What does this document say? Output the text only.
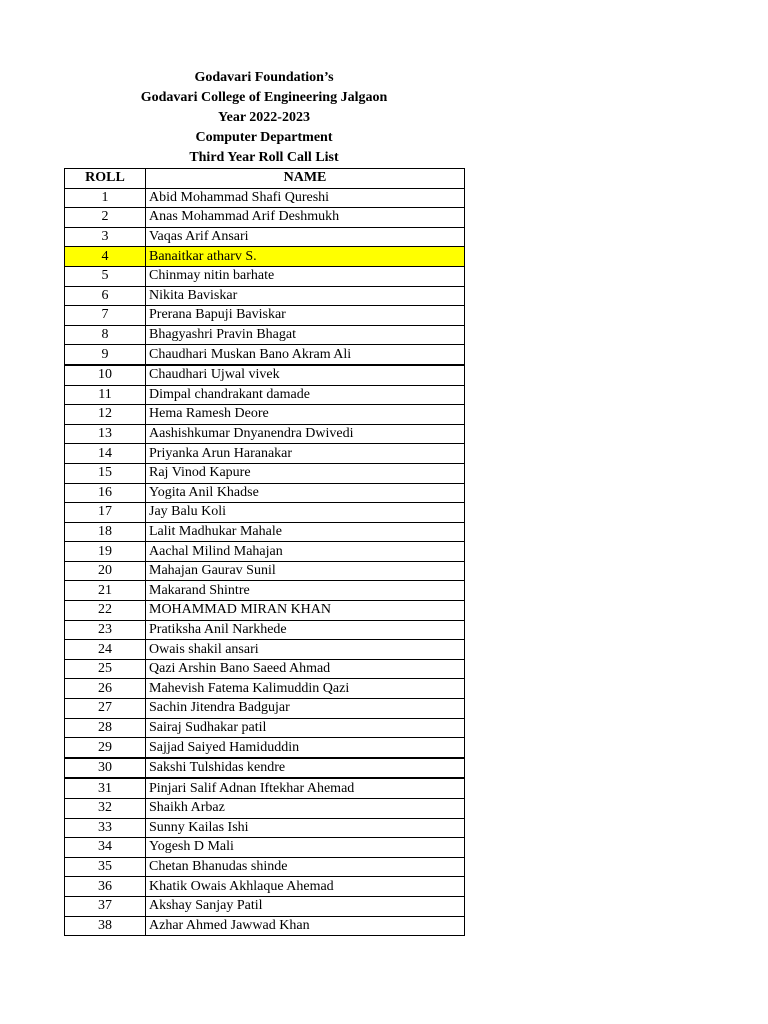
Godavari Foundation’s
Godavari College of Engineering Jalgaon
Year 2022-2023
Computer Department
Third Year Roll Call List
ROLL	NAME
1	Abid Mohammad Shafi Qureshi
2	Anas Mohammad Arif Deshmukh
3	Vaqas Arif Ansari
4	Banaitkar atharv S.
5	Chinmay nitin barhate
6	Nikita Baviskar
7	Prerana Bapuji Baviskar
8	Bhagyashri Pravin Bhagat
9	Chaudhari Muskan Bano Akram Ali
10	Chaudhari Ujwal vivek
11	Dimpal chandrakant damade
12	Hema Ramesh Deore
13	Aashishkumar Dnyanendra Dwivedi
14	Priyanka Arun Haranakar
15	Raj Vinod Kapure
16	Yogita Anil Khadse
17	Jay Balu Koli
18	Lalit Madhukar Mahale
19	Aachal Milind Mahajan
20	Mahajan Gaurav Sunil
21	Makarand Shintre
22	MOHAMMAD MIRAN KHAN
23	Pratiksha Anil Narkhede
24	Owais shakil ansari
25	Qazi Arshin Bano Saeed Ahmad
26	Mahevish Fatema Kalimuddin Qazi
27	Sachin Jitendra Badgujar
28	Sairaj Sudhakar patil
29	Sajjad Saiyed Hamiduddin
30	Sakshi Tulshidas kendre
31	Pinjari Salif Adnan Iftekhar Ahemad
32	Shaikh Arbaz
33	Sunny Kailas Ishi
34	Yogesh D Mali
35	Chetan Bhanudas shinde
36	Khatik Owais Akhlaque Ahemad
37	Akshay Sanjay Patil
38	Azhar Ahmed Jawwad Khan
